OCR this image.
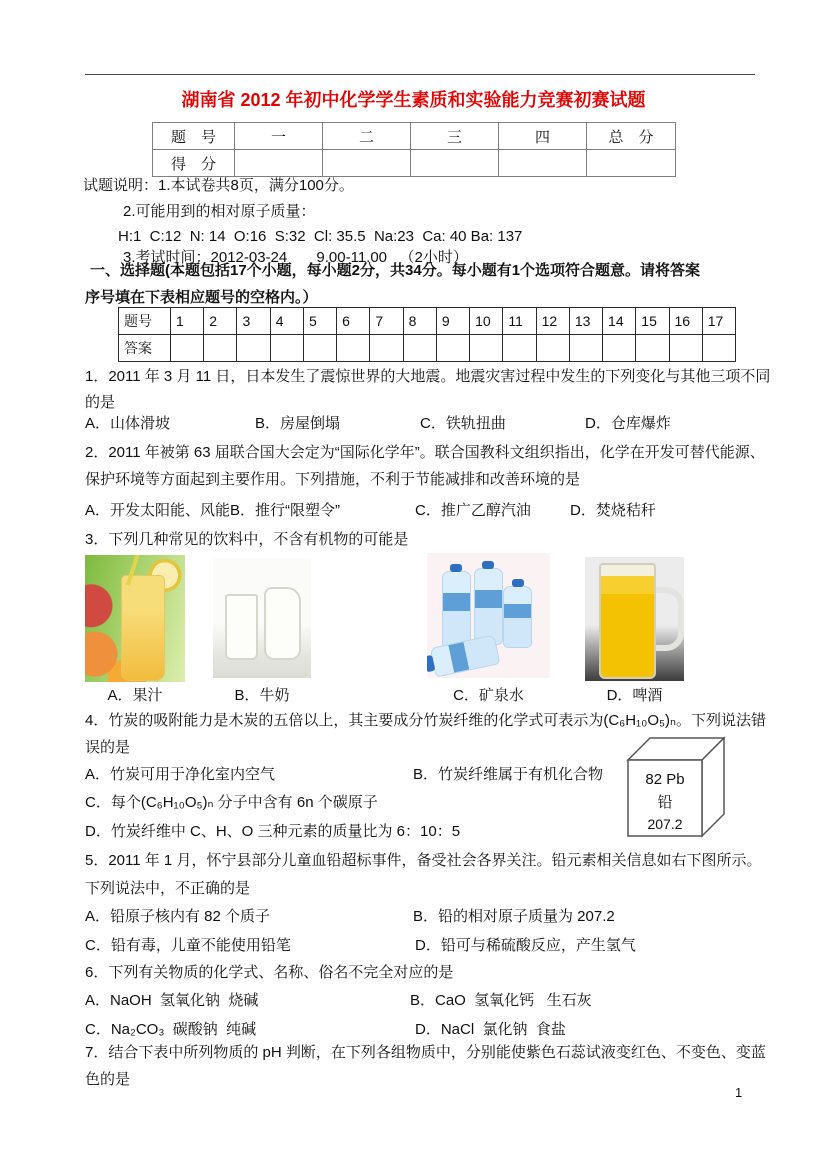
湖南省 2012 年初中化学学生素质和实验能力竞赛初赛试题
题　号	一	二	三	四	总　分
得　分					
试题说明：1.本试卷共8页，满分100分。
2.可能用到的相对原子质量：
H:1  C:12  N: 14  O:16  S:32  Cl: 35.5  Na:23  Ca: 40 Ba: 137
3.考试时间：2012-03-24       9.00-11.00   （2小时）
一、选择题(本题包括17个小题，每小题2分，共34分。每小题有1个选项符合题意。请将答案
序号填在下表相应题号的空格内。）
题号	1	2	3	4	5	6	7	8	9	10	11	12	13	14	15	16	17
答案																	
1．2011 年 3 月 11 日，日本发生了震惊世界的大地震。地震灾害过程中发生的下列变化与其他三项不同
的是
A．山体滑坡	B．房屋倒塌	C．铁轨扭曲	D．仓库爆炸
2．2011 年被第 63 届联合国大会定为“国际化学年”。联合国教科文组织指出，化学在开发可替代能源、
保护环境等方面起到主要作用。下列措施，不利于节能减排和改善环境的是
A．开发太阳能、风能 B．推行“限塑令”	C．推广乙醇汽油	D．焚烧秸秆
3．下列几种常见的饮料中，不含有机物的可能是
A．果汁	B．牛奶	C．矿泉水	D．啤酒
4．竹炭的吸附能力是木炭的五倍以上，其主要成分竹炭纤维的化学式可表示为(C₆H₁₀O₅)ₙ。下列说法错
误的是
A．竹炭可用于净化室内空气	B．竹炭纤维属于有机化合物
C．每个(C₆H₁₀O₅)ₙ 分子中含有 6n 个碳原子
D．竹炭纤维中 C、H、O 三种元素的质量比为 6：10：5
82 Pb
铅
207.2
5．2011 年 1 月，怀宁县部分儿童血铅超标事件，备受社会各界关注。铅元素相关信息如右下图所示。
下列说法中，不正确的是
A．铅原子核内有 82 个质子	B．铅的相对原子质量为 207.2
C．铅有毒，儿童不能使用铅笔	D．铅可与稀硫酸反应，产生氢气
6．下列有关物质的化学式、名称、俗名不完全对应的是
A．NaOH  氢氧化钠  烧碱	B．CaO  氢氧化钙   生石灰
C．Na₂CO₃  碳酸钠  纯碱	D．NaCl  氯化钠  食盐
7．结合下表中所列物质的 pH 判断，在下列各组物质中，分别能使紫色石蕊试液变红色、不变色、变蓝
色的是
1
